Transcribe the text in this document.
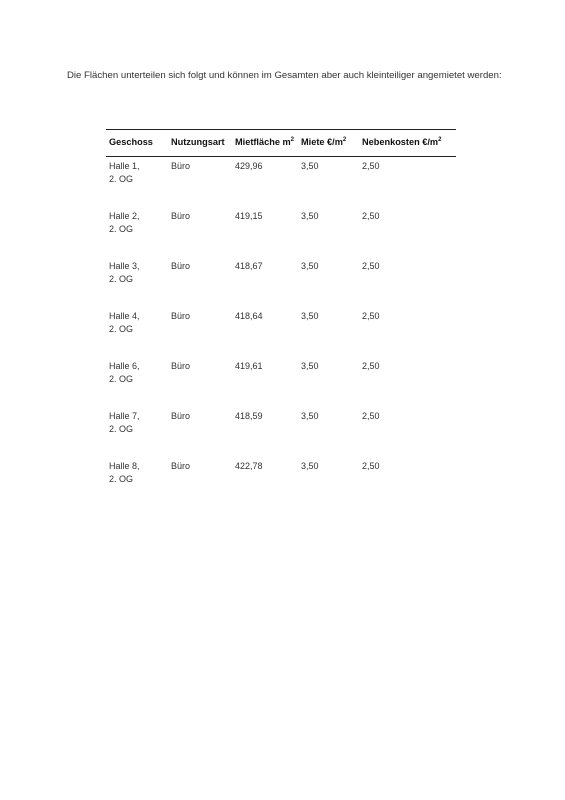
Die Flächen unterteilen sich folgt und können im Gesamten aber auch kleinteiliger angemietet werden:
Geschoss	Nutzungsart	Mietfläche $m^2$	Miete $€/m^2$	Nebenkosten $€/m^2$

Halle 1,
2. OG	Büro	429,96	3,50	2,50

Halle 2,
2. OG	Büro	419,15	3,50	2,50

Halle 3,
2. OG	Büro	418,67	3,50	2,50

Halle 4,
2. OG	Büro	418,64	3,50	2,50

Halle 6,
2. OG	Büro	419,61	3,50	2,50

Halle 7,
2. OG	Büro	418,59	3,50	2,50

Halle 8,
2. OG	Büro	422,78	3,50	2,50
